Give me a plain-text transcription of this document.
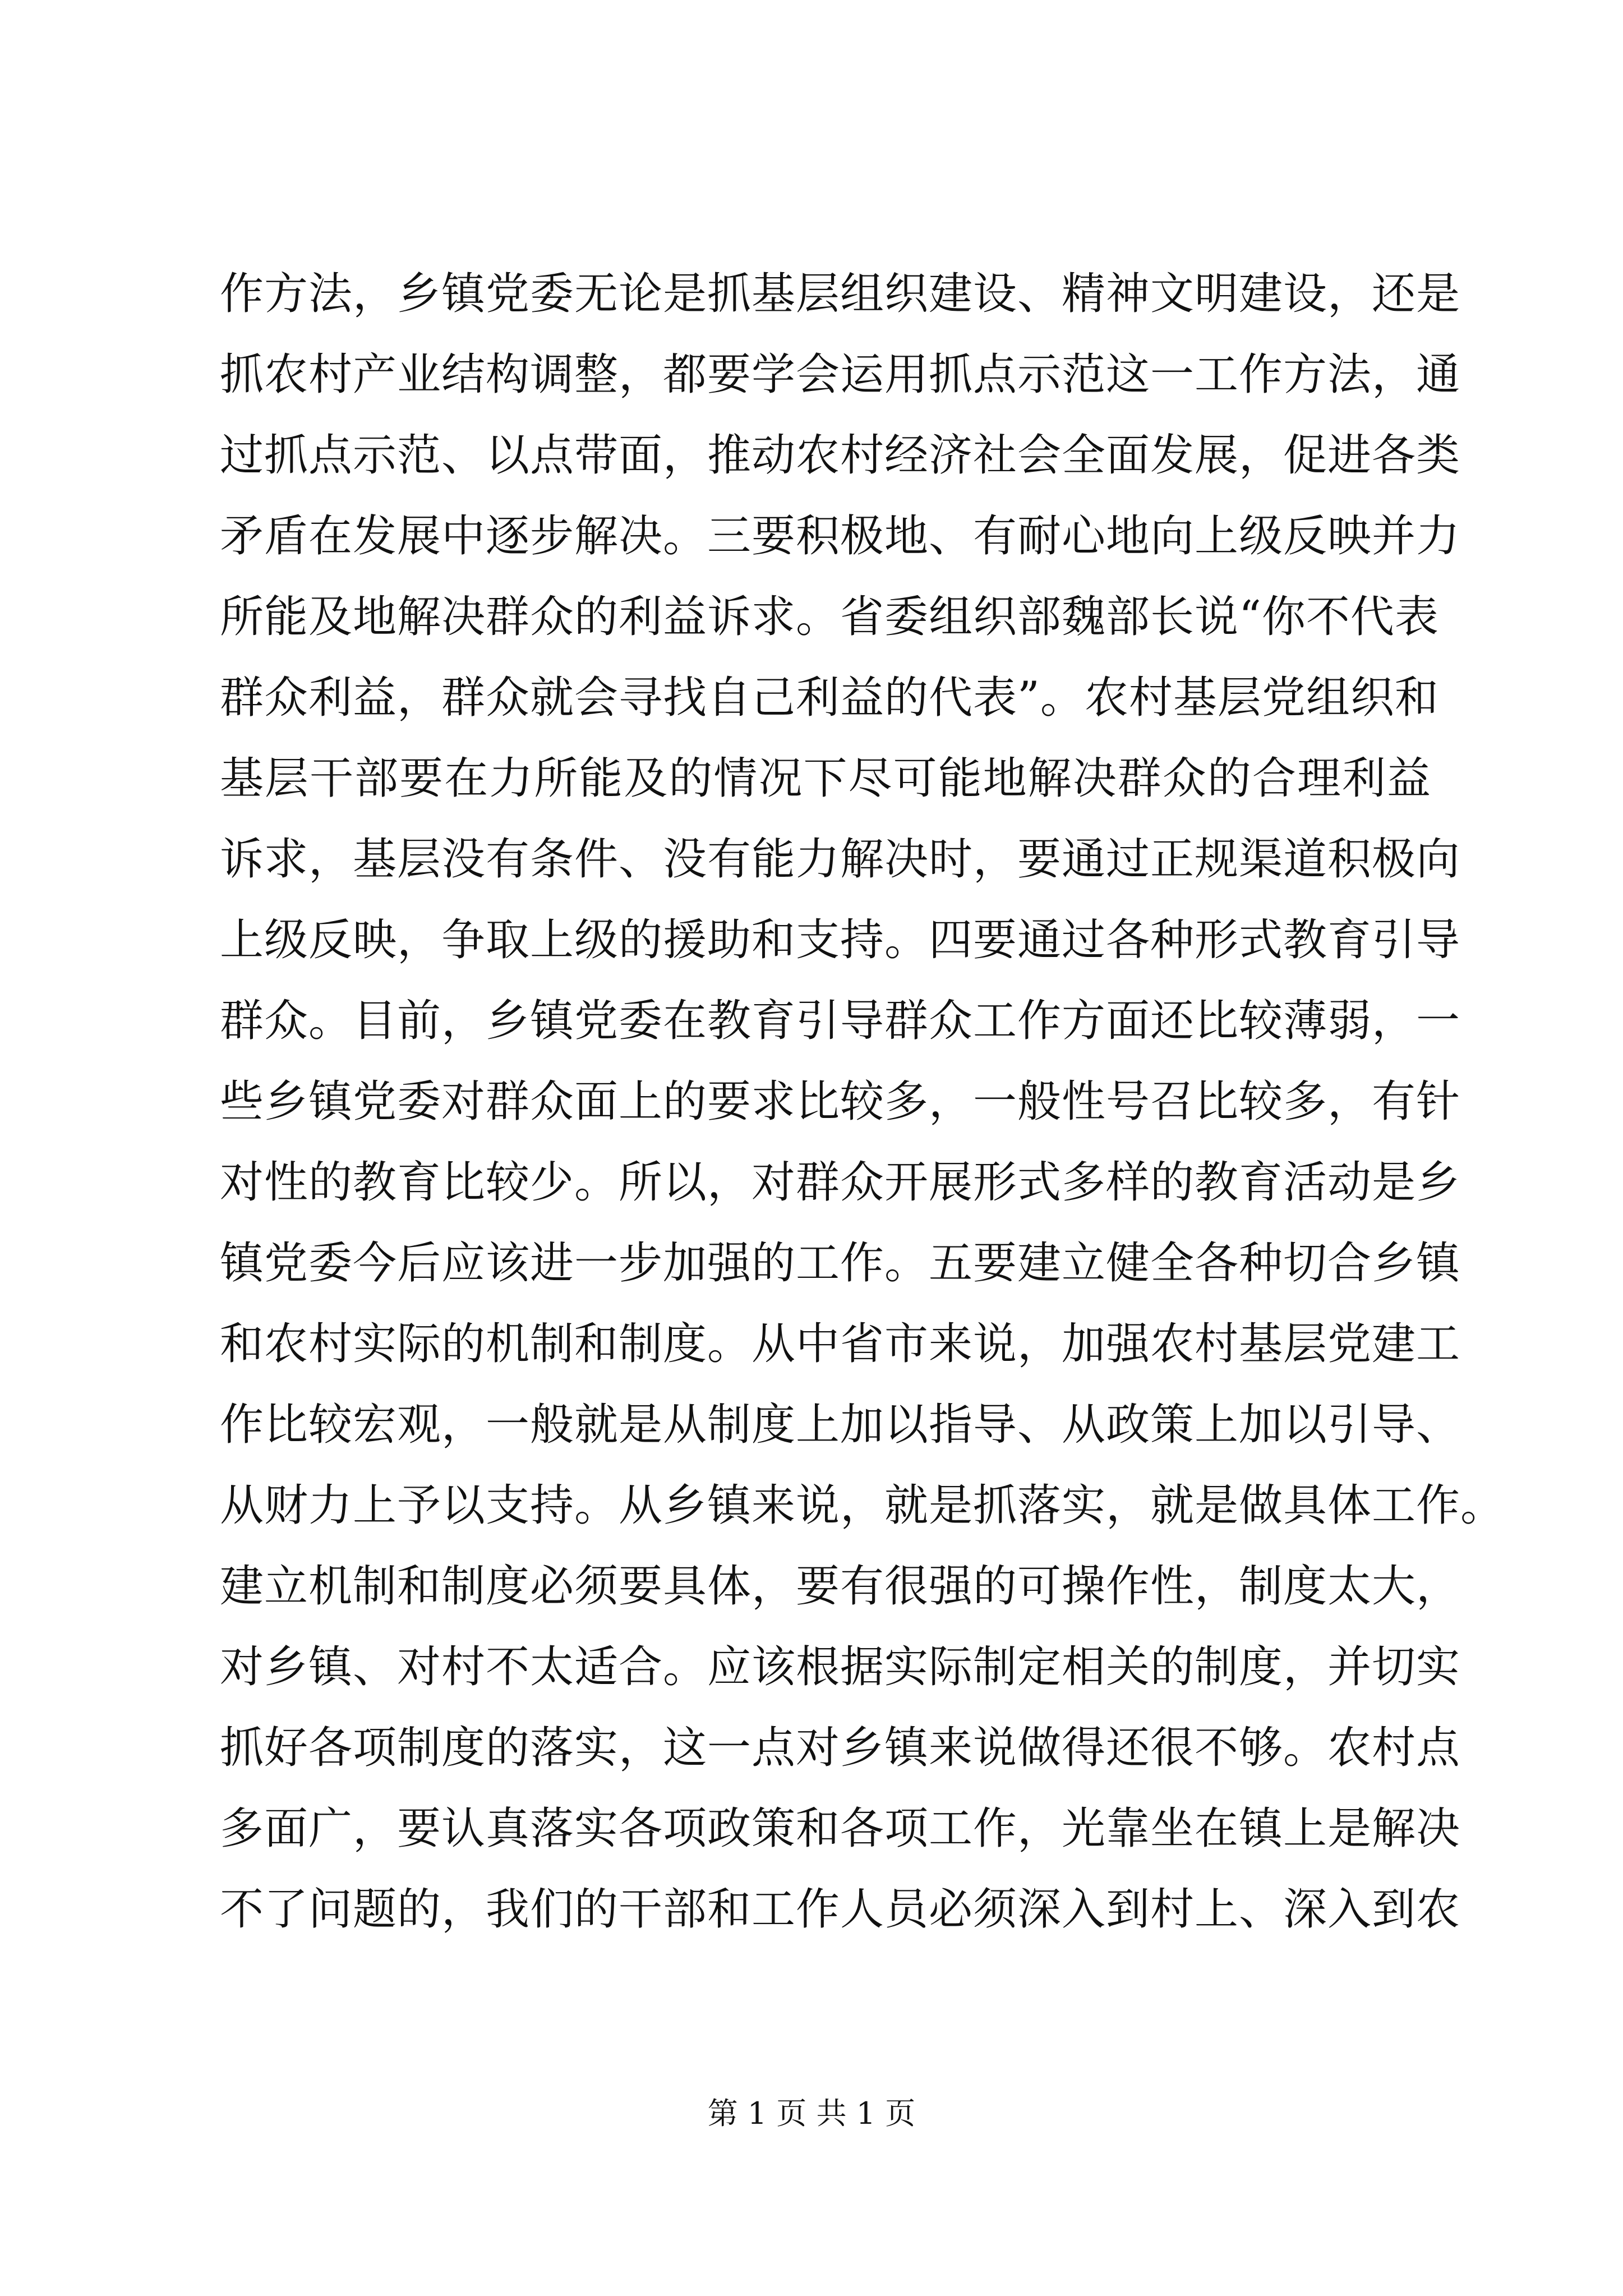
作方法，乡镇党委无论是抓基层组织建设、精神文明建设，还是
抓农村产业结构调整，都要学会运用抓点示范这一工作方法，通
过抓点示范、以点带面，推动农村经济社会全面发展，促进各类
矛盾在发展中逐步解决。三要积极地、有耐心地向上级反映并力
所能及地解决群众的利益诉求。省委组织部魏部长说“你不代表
群众利益，群众就会寻找自己利益的代表”。农村基层党组织和
基层干部要在力所能及的情况下尽可能地解决群众的合理利益
诉求，基层没有条件、没有能力解决时，要通过正规渠道积极向
上级反映，争取上级的援助和支持。四要通过各种形式教育引导
群众。目前，乡镇党委在教育引导群众工作方面还比较薄弱，一
些乡镇党委对群众面上的要求比较多，一般性号召比较多，有针
对性的教育比较少。所以，对群众开展形式多样的教育活动是乡
镇党委今后应该进一步加强的工作。五要建立健全各种切合乡镇
和农村实际的机制和制度。从中省市来说，加强农村基层党建工
作比较宏观，一般就是从制度上加以指导、从政策上加以引导、
从财力上予以支持。从乡镇来说，就是抓落实，就是做具体工作。
建立机制和制度必须要具体，要有很强的可操作性，制度太大，
对乡镇、对村不太适合。应该根据实际制定相关的制度，并切实
抓好各项制度的落实，这一点对乡镇来说做得还很不够。农村点
多面广，要认真落实各项政策和各项工作，光靠坐在镇上是解决
不了问题的，我们的干部和工作人员必须深入到村上、深入到农
第 1 页 共 1 页
